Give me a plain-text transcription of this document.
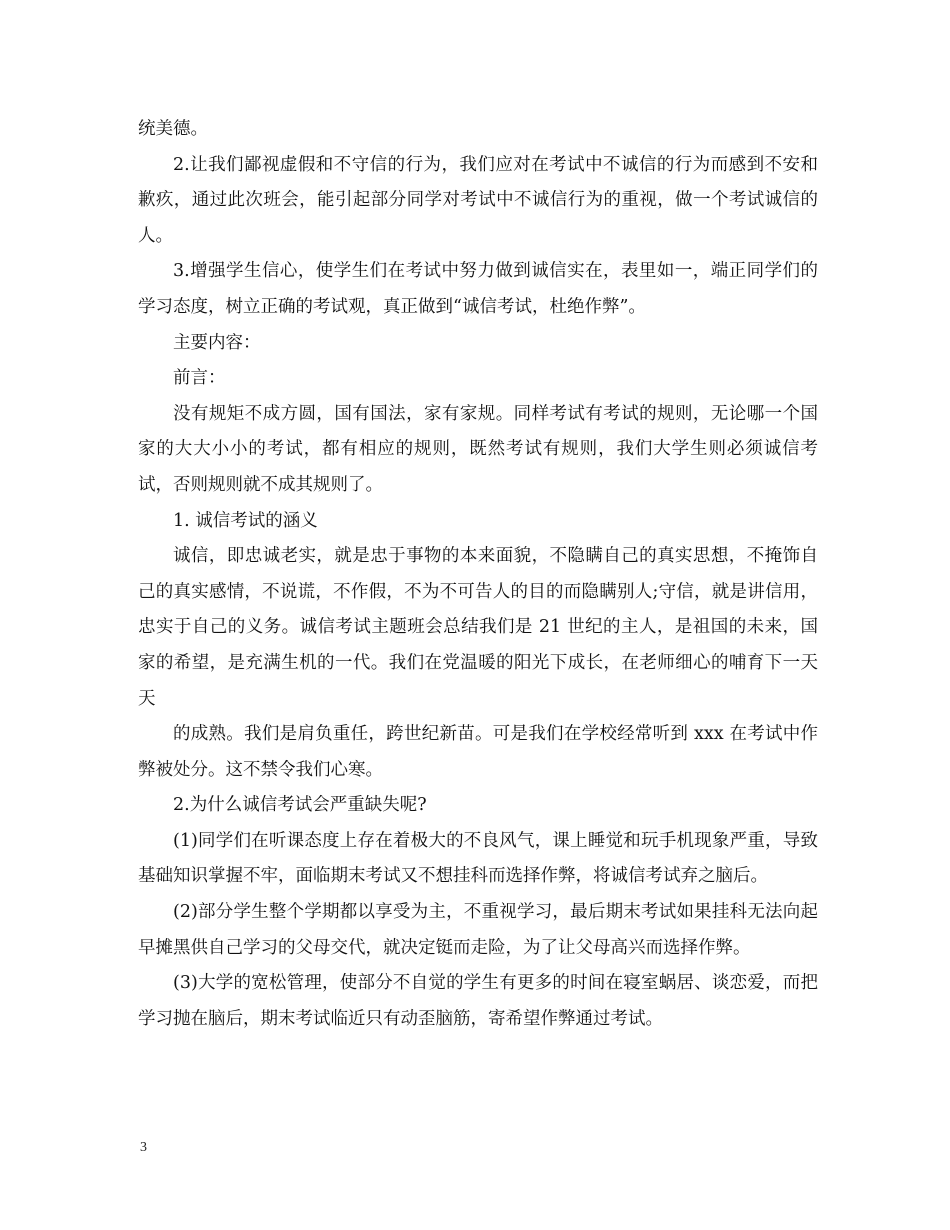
统美德。

2.让我们鄙视虚假和不守信的行为，我们应对在考试中不诚信的行为而感到不安和歉疚，通过此次班会，能引起部分同学对考试中不诚信行为的重视，做一个考试诚信的人。

3.增强学生信心，使学生们在考试中努力做到诚信实在，表里如一，端正同学们的学习态度，树立正确的考试观，真正做到“诚信考试，杜绝作弊”。

主要内容：

前言：

没有规矩不成方圆，国有国法，家有家规。同样考试有考试的规则，无论哪一个国家的大大小小的考试，都有相应的规则，既然考试有规则，我们大学生则必须诚信考试，否则规则就不成其规则了。

1. 诚信考试的涵义

诚信，即忠诚老实，就是忠于事物的本来面貌，不隐瞒自己的真实思想，不掩饰自己的真实感情，不说谎，不作假，不为不可告人的目的而隐瞒别人;守信，就是讲信用，忠实于自己的义务。诚信考试主题班会总结我们是 21 世纪的主人，是祖国的未来，国家的希望，是充满生机的一代。我们在党温暖的阳光下成长，在老师细心的哺育下一天天

的成熟。我们是肩负重任，跨世纪新苗。可是我们在学校经常听到 xxx 在考试中作弊被处分。这不禁令我们心寒。

2.为什么诚信考试会严重缺失呢?

(1)同学们在听课态度上存在着极大的不良风气，课上睡觉和玩手机现象严重，导致基础知识掌握不牢，面临期末考试又不想挂科而选择作弊，将诚信考试弃之脑后。

(2)部分学生整个学期都以享受为主，不重视学习，最后期末考试如果挂科无法向起早摊黑供自己学习的父母交代，就决定铤而走险，为了让父母高兴而选择作弊。

(3)大学的宽松管理，使部分不自觉的学生有更多的时间在寝室蜗居、谈恋爱，而把学习抛在脑后，期末考试临近只有动歪脑筋，寄希望作弊通过考试。

3
